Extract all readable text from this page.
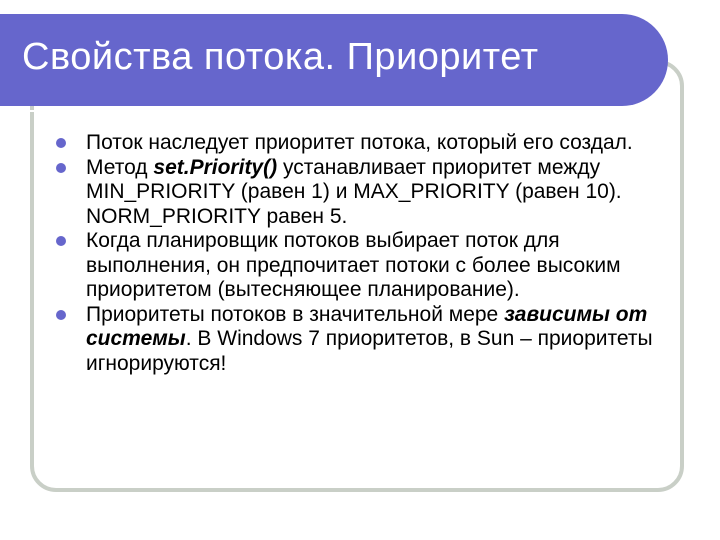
Свойства потока. Приоритет
Поток наследует приоритет потока, который его создал.
Метод set.Priority() устанавливает приоритет между MIN_PRIORITY (равен 1) и MAX_PRIORITY (равен 10). NORM_PRIORITY равен 5.
Когда планировщик потоков выбирает поток для выполнения, он предпочитает потоки с более высоким приоритетом (вытесняющее планирование).
Приоритеты потоков в значительной мере зависимы от системы. В Windows 7 приоритетов, в Sun – приоритеты игнорируются!
